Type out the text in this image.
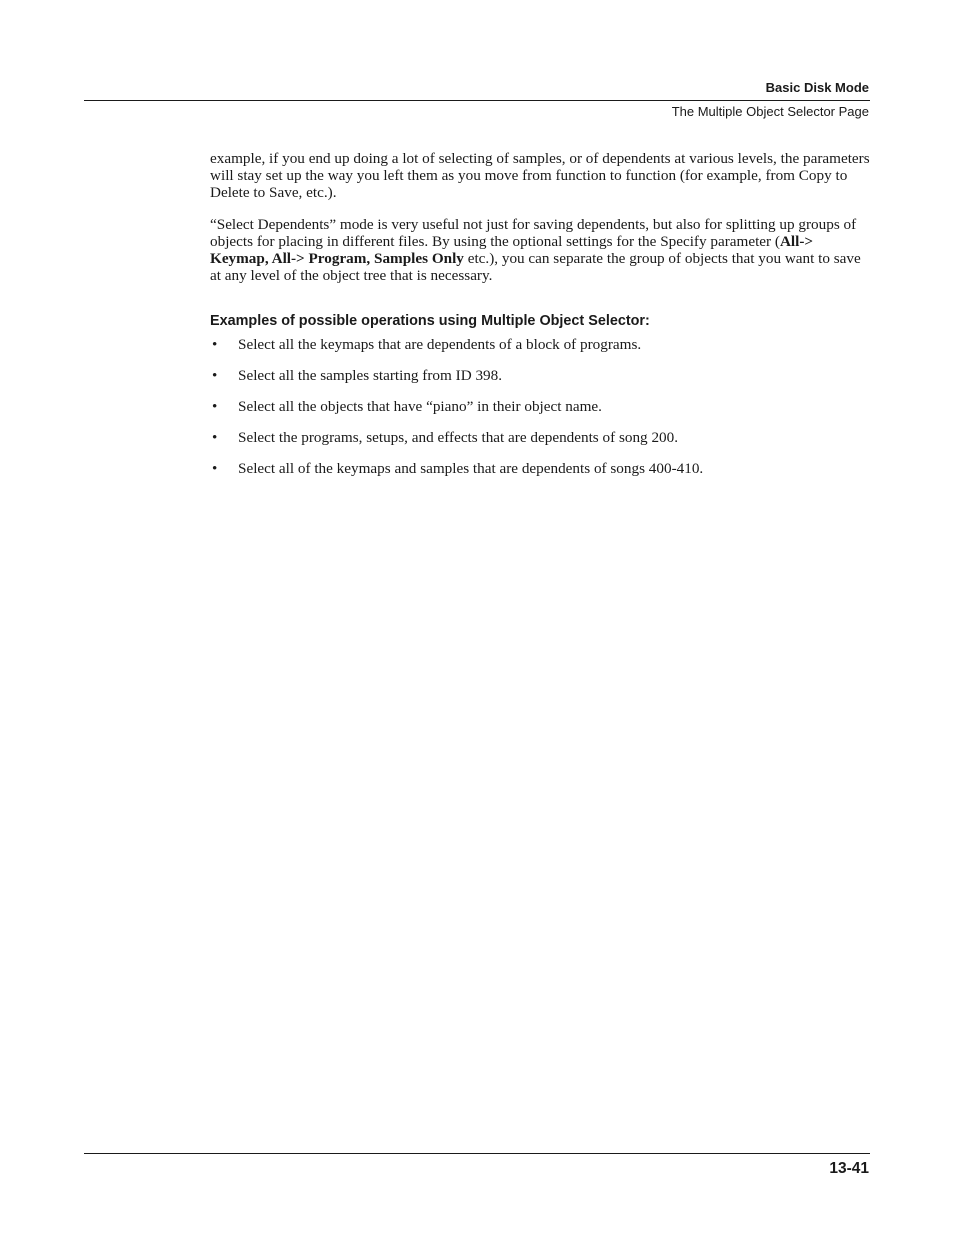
Basic Disk Mode
The Multiple Object Selector Page

example, if you end up doing a lot of selecting of samples, or of dependents at various levels, the parameters will stay set up the way you left them as you move from function to function (for example, from Copy to Delete to Save, etc.).

“Select Dependents” mode is very useful not just for saving dependents, but also for splitting up groups of objects for placing in different files. By using the optional settings for the Specify parameter (All-> Keymap, All-> Program, Samples Only etc.), you can separate the group of objects that you want to save at any level of the object tree that is necessary.

Examples of possible operations using Multiple Object Selector:
• Select all the keymaps that are dependents of a block of programs.
• Select all the samples starting from ID 398.
• Select all the objects that have “piano” in their object name.
• Select the programs, setups, and effects that are dependents of song 200.
• Select all of the keymaps and samples that are dependents of songs 400-410.
13-41
